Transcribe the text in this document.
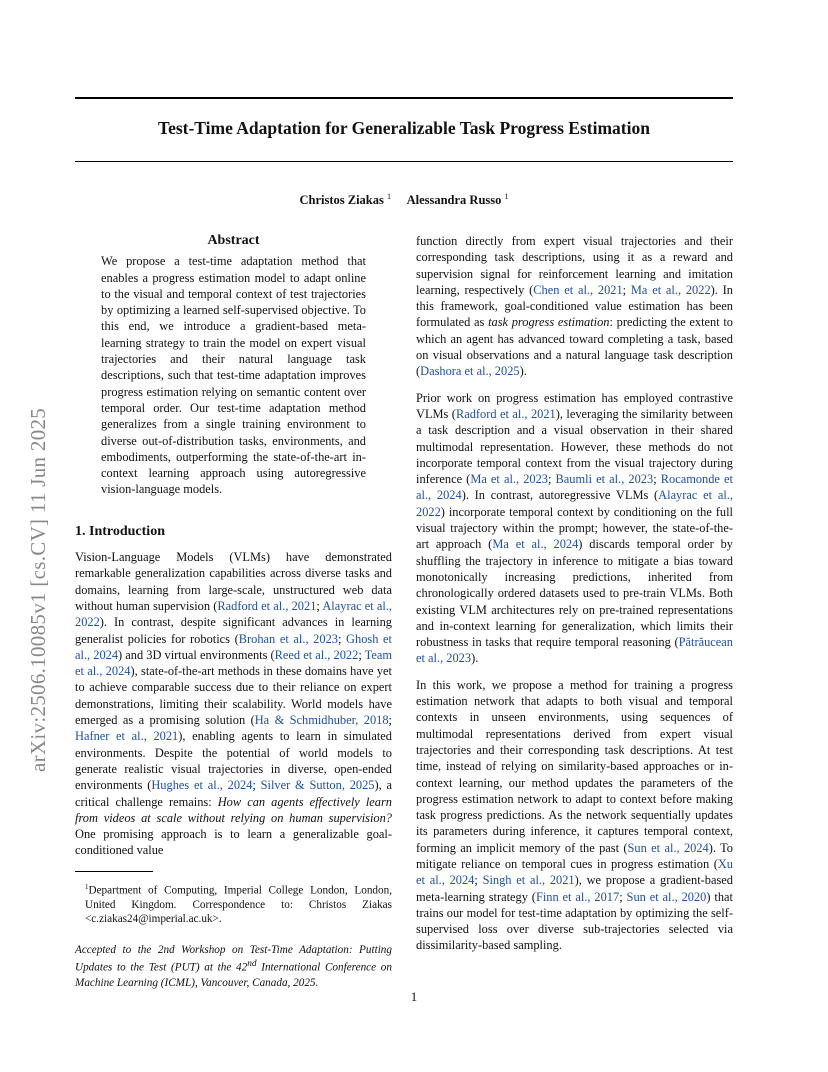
arXiv:2506.10085v1 [cs.CV] 11 Jun 2025
Test-Time Adaptation for Generalizable Task Progress Estimation
Christos Ziakas $^1$ Alessandra Russo $^1$
Abstract
We propose a test-time adaptation method that enables a progress estimation model to adapt online to the visual and temporal context of test trajectories by optimizing a learned self-supervised objective. To this end, we introduce a gradient-based meta-learning strategy to train the model on expert visual trajectories and their natural language task descriptions, such that test-time adaptation improves progress estimation relying on semantic content over temporal order. Our test-time adaptation method generalizes from a single training environment to diverse out-of-distribution tasks, environments, and embodiments, outperforming the state-of-the-art in-context learning approach using autoregressive vision-language models.
1. Introduction

Vision-Language Models (VLMs) have demonstrated remarkable generalization capabilities across diverse tasks and domains, learning from large-scale, unstructured web data without human supervision (Radford et al., 2021; Alayrac et al., 2022). In contrast, despite significant advances in learning generalist policies for robotics (Brohan et al., 2023; Ghosh et al., 2024) and 3D virtual environments (Reed et al., 2022; Team et al., 2024), state-of-the-art methods in these domains have yet to achieve comparable success due to their reliance on expert demonstrations, limiting their scalability. World models have emerged as a promising solution (Ha & Schmidhuber, 2018; Hafner et al., 2021), enabling agents to learn in simulated environments. Despite the potential of world models to generate realistic visual trajectories in diverse, open-ended environments (Hughes et al., 2024; Silver & Sutton, 2025), a critical challenge remains: How can agents effectively learn from videos at scale without relying on human supervision? One promising approach is to learn a generalizable goal-conditioned value

$^1$Department of Computing, Imperial College London, London, United Kingdom. Correspondence to: Christos Ziakas <c.ziakas24@imperial.ac.uk>.

Accepted to the 2nd Workshop on Test-Time Adaptation: Putting Updates to the Test (PUT) at the 42nd International Conference on Machine Learning (ICML), Vancouver, Canada, 2025.

function directly from expert visual trajectories and their corresponding task descriptions, using it as a reward and supervision signal for reinforcement learning and imitation learning, respectively (Chen et al., 2021; Ma et al., 2022). In this framework, goal-conditioned value estimation has been formulated as task progress estimation: predicting the extent to which an agent has advanced toward completing a task, based on visual observations and a natural language task description (Dashora et al., 2025).

Prior work on progress estimation has employed contrastive VLMs (Radford et al., 2021), leveraging the similarity between a task description and a visual observation in their shared multimodal representation. However, these methods do not incorporate temporal context from the visual trajectory during inference (Ma et al., 2023; Baumli et al., 2023; Rocamonde et al., 2024). In contrast, autoregressive VLMs (Alayrac et al., 2022) incorporate temporal context by conditioning on the full visual trajectory within the prompt; however, the state-of-the-art approach (Ma et al., 2024) discards temporal order by shuffling the trajectory in inference to mitigate a bias toward monotonically increasing predictions, inherited from chronologically ordered datasets used to pre-train VLMs. Both existing VLM architectures rely on pre-trained representations and in-context learning for generalization, which limits their robustness in tasks that require temporal reasoning (Pătrăucean et al., 2023).

In this work, we propose a method for training a progress estimation network that adapts to both visual and temporal contexts in unseen environments, using sequences of multimodal representations derived from expert visual trajectories and their corresponding task descriptions. At test time, instead of relying on similarity-based approaches or in-context learning, our method updates the parameters of the progress estimation network to adapt to context before making task progress predictions. As the network sequentially updates its parameters during inference, it captures temporal context, forming an implicit memory of the past (Sun et al., 2024). To mitigate reliance on temporal cues in progress estimation (Xu et al., 2024; Singh et al., 2021), we propose a gradient-based meta-learning strategy (Finn et al., 2017; Sun et al., 2020) that trains our model for test-time adaptation by optimizing the self-supervised loss over diverse sub-trajectories selected via dissimilarity-based sampling.

1
